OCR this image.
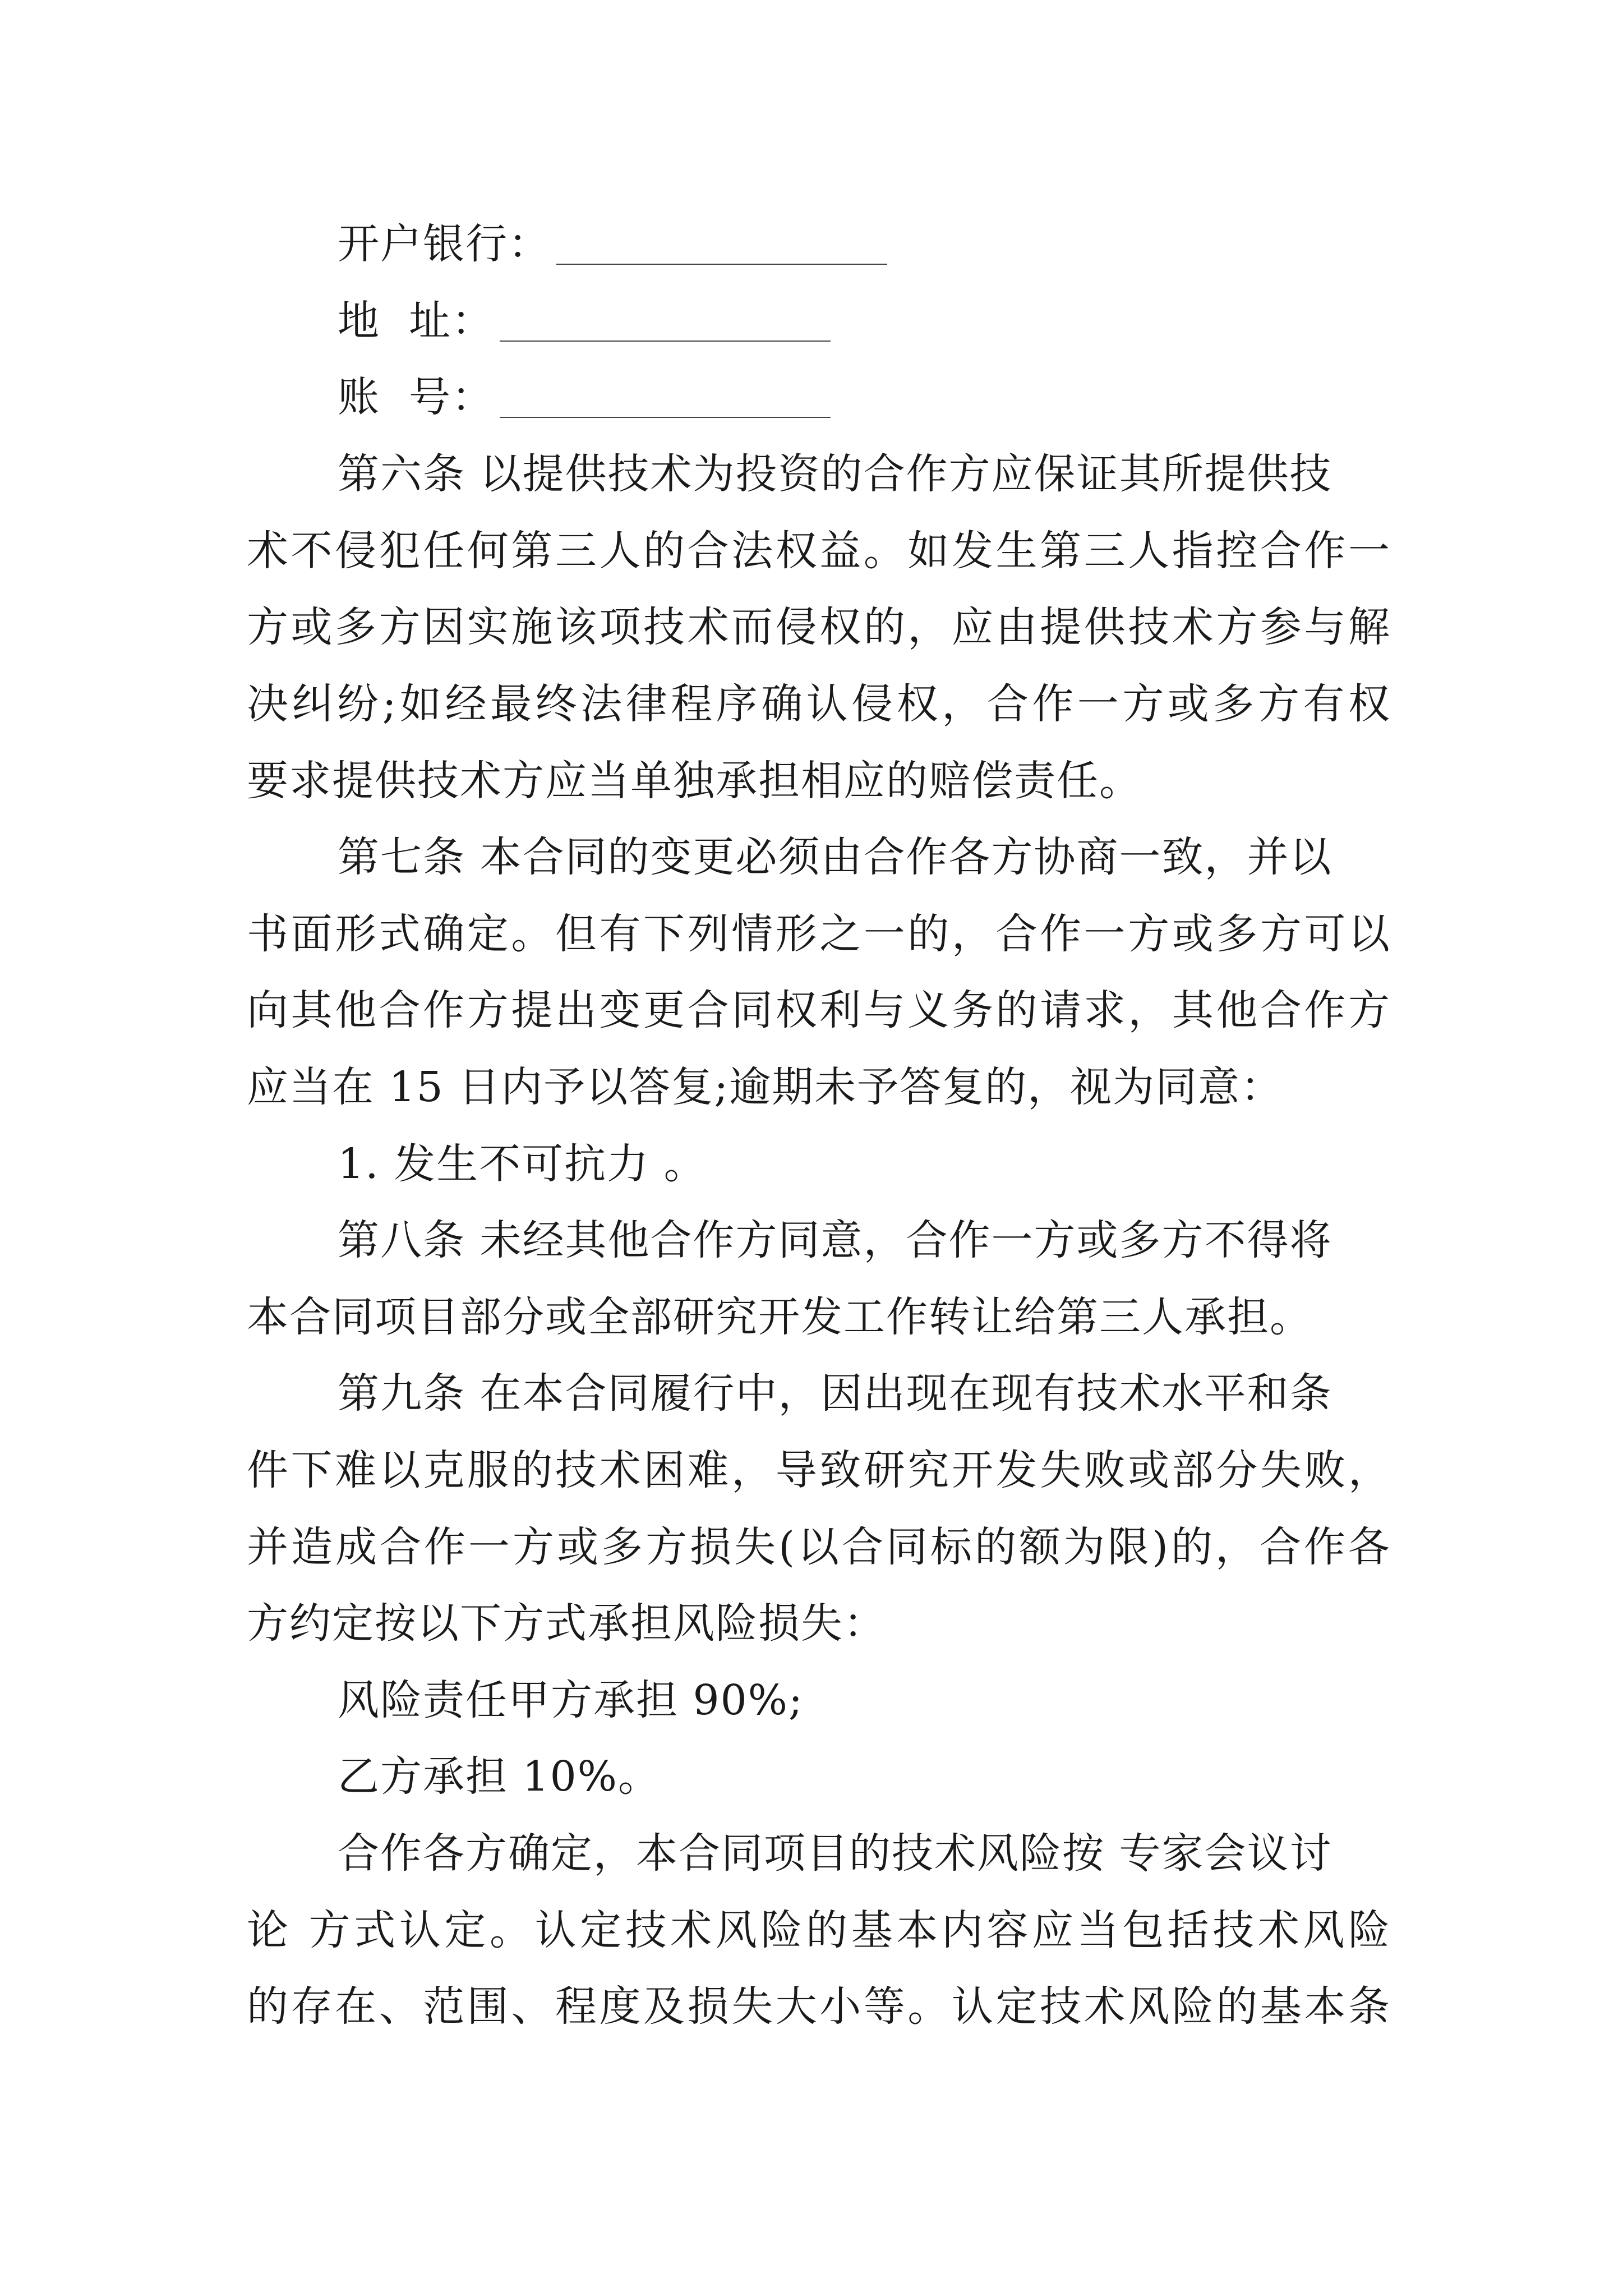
开户银行：
地  址：
账  号：
第六条 以提供技术为投资的合作方应保证其所提供技
术不侵犯任何第三人的合法权益。如发生第三人指控合作一
方或多方因实施该项技术而侵权的，应由提供技术方参与解
决纠纷;如经最终法律程序确认侵权，合作一方或多方有权
要求提供技术方应当单独承担相应的赔偿责任。
第七条 本合同的变更必须由合作各方协商一致，并以
书面形式确定。但有下列情形之一的，合作一方或多方可以
向其他合作方提出变更合同权利与义务的请求，其他合作方
应当在 15 日内予以答复;逾期未予答复的，视为同意：
1. 发生不可抗力 。
第八条 未经其他合作方同意，合作一方或多方不得将
本合同项目部分或全部研究开发工作转让给第三人承担。
第九条 在本合同履行中，因出现在现有技术水平和条
件下难以克服的技术困难，导致研究开发失败或部分失败，
并造成合作一方或多方损失(以合同标的额为限)的，合作各
方约定按以下方式承担风险损失：
风险责任甲方承担 90%;
乙方承担 10%。
合作各方确定，本合同项目的技术风险按 专家会议讨
论 方式认定。认定技术风险的基本内容应当包括技术风险
的存在、范围、程度及损失大小等。认定技术风险的基本条
